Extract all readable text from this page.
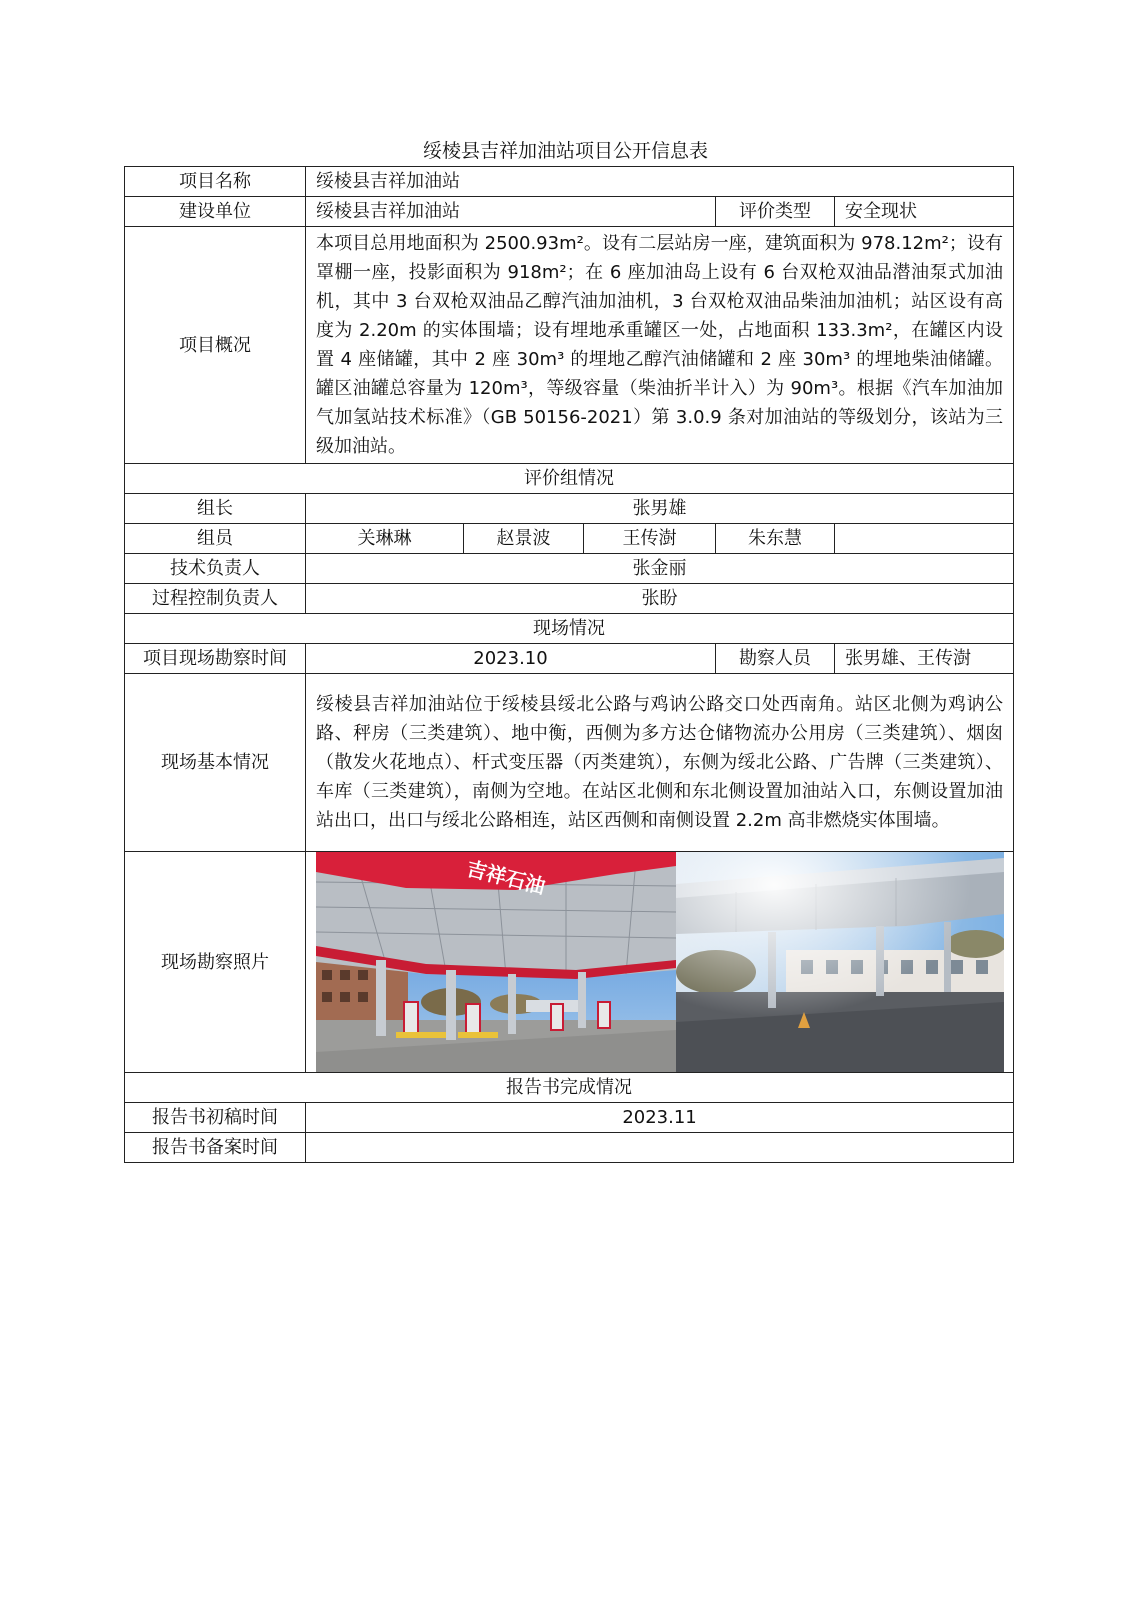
绥棱县吉祥加油站项目公开信息表
项目名称	绥棱县吉祥加油站				
建设单位	绥棱县吉祥加油站			评价类型	安全现状
项目概况	本项目总用地面积为 2500.93m²。设有二层站房一座，建筑面积为 978.12m²；设有罩棚一座，投影面积为 918m²；在 6 座加油岛上设有 6 台双枪双油品潜油泵式加油机，其中 3 台双枪双油品乙醇汽油加油机，3 台双枪双油品柴油加油机；站区设有高度为 2.20m 的实体围墙；设有埋地承重罐区一处，占地面积 133.3m²，在罐区内设置 4 座储罐，其中 2 座 30m³ 的埋地乙醇汽油储罐和 2 座 30m³ 的埋地柴油储罐。罐区油罐总容量为 120m³，等级容量（柴油折半计入）为 90m³。根据《汽车加油加气加氢站技术标准》（GB 50156-2021）第 3.0.9 条对加油站的等级划分，该站为三级加油站。				
评价组情况					
组长	张男雄				
组员	关琳琳	赵景波	王传澍	朱东慧	
技术负责人	张金丽				
过程控制负责人	张盼				
现场情况					
项目现场勘察时间	2023.10			勘察人员	张男雄、王传澍
现场基本情况	绥棱县吉祥加油站位于绥棱县绥北公路与鸡讷公路交口处西南角。站区北侧为鸡讷公路、秤房（三类建筑）、地中衡，西侧为多方达仓储物流办公用房（三类建筑）、烟囱（散发火花地点）、杆式变压器（丙类建筑），东侧为绥北公路、广告牌（三类建筑）、车库（三类建筑），南侧为空地。在站区北侧和东北侧设置加油站入口，东侧设置加油站出口，出口与绥北公路相连，站区西侧和南侧设置 2.2m 高非燃烧实体围墙。				
现场勘察照片	吉祥石油				

报告书完成情况					
报告书初稿时间	2023.11				
报告书备案时间					
